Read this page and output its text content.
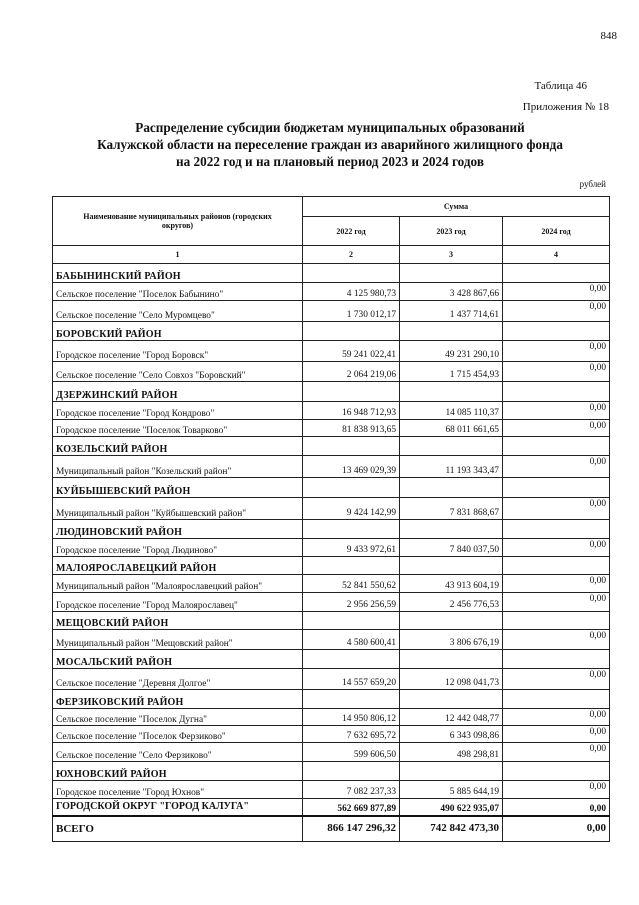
848
Таблица 46
Приложения № 18
Распределение субсидии бюджетам муниципальных образований
Калужской области на переселение граждан из аварийного жилищного фонда
на 2022 год и на плановый период 2023 и 2024 годов
рублей
Наименование муниципальных районов (городских округов)	Сумма		
	2022 год	2023 год	2024 год
1	2	3	4
БАБЫНИНСКИЙ РАЙОН			
Сельское поселение "Поселок Бабынино"	4 125 980,73	3 428 867,66	0,00
Сельское поселение "Село Муромцево"	1 730 012,17	1 437 714,61	0,00
БОРОВСКИЙ РАЙОН			
Городское поселение "Город Боровск"	59 241 022,41	49 231 290,10	0,00
Сельское поселение "Село Совхоз "Боровский"	2 064 219,06	1 715 454,93	0,00
ДЗЕРЖИНСКИЙ РАЙОН			
Городское поселение "Город Кондрово"	16 948 712,93	14 085 110,37	0,00
Городское поселение "Поселок Товарково"	81 838 913,65	68 011 661,65	0,00
КОЗЕЛЬСКИЙ РАЙОН			
Муниципальный район "Козельский район"	13 469 029,39	11 193 343,47	0,00
КУЙБЫШЕВСКИЙ РАЙОН			
Муниципальный район "Куйбышевский район"	9 424 142,99	7 831 868,67	0,00
ЛЮДИНОВСКИЙ РАЙОН			
Городское поселение "Город Людиново"	9 433 972,61	7 840 037,50	0,00
МАЛОЯРОСЛАВЕЦКИЙ РАЙОН			
Муниципальный район "Малоярославецкий район"	52 841 550,62	43 913 604,19	0,00
Городское поселение "Город Малоярославец"	2 956 256,59	2 456 776,53	0,00
МЕЩОВСКИЙ РАЙОН			
Муниципальный район "Мещовский район"	4 580 600,41	3 806 676,19	0,00
МОСАЛЬСКИЙ РАЙОН			
Сельское поселение "Деревня Долгое"	14 557 659,20	12 098 041,73	0,00
ФЕРЗИКОВСКИЙ РАЙОН			
Сельское поселение "Поселок Дугна"	14 950 806,12	12 442 048,77	0,00
Сельское поселение "Поселок Ферзиково"	7 632 695,72	6 343 098,86	0,00
Сельское поселение "Село Ферзиково"	599 606,50	498 298,81	0,00
ЮХНОВСКИЙ РАЙОН			
Городское поселение "Город Юхнов"	7 082 237,33	5 885 644,19	0,00
ГОРОДСКОЙ ОКРУГ "ГОРОД КАЛУГА"	562 669 877,89	490 622 935,07	0,00
ВСЕГО	866 147 296,32	742 842 473,30	0,00
